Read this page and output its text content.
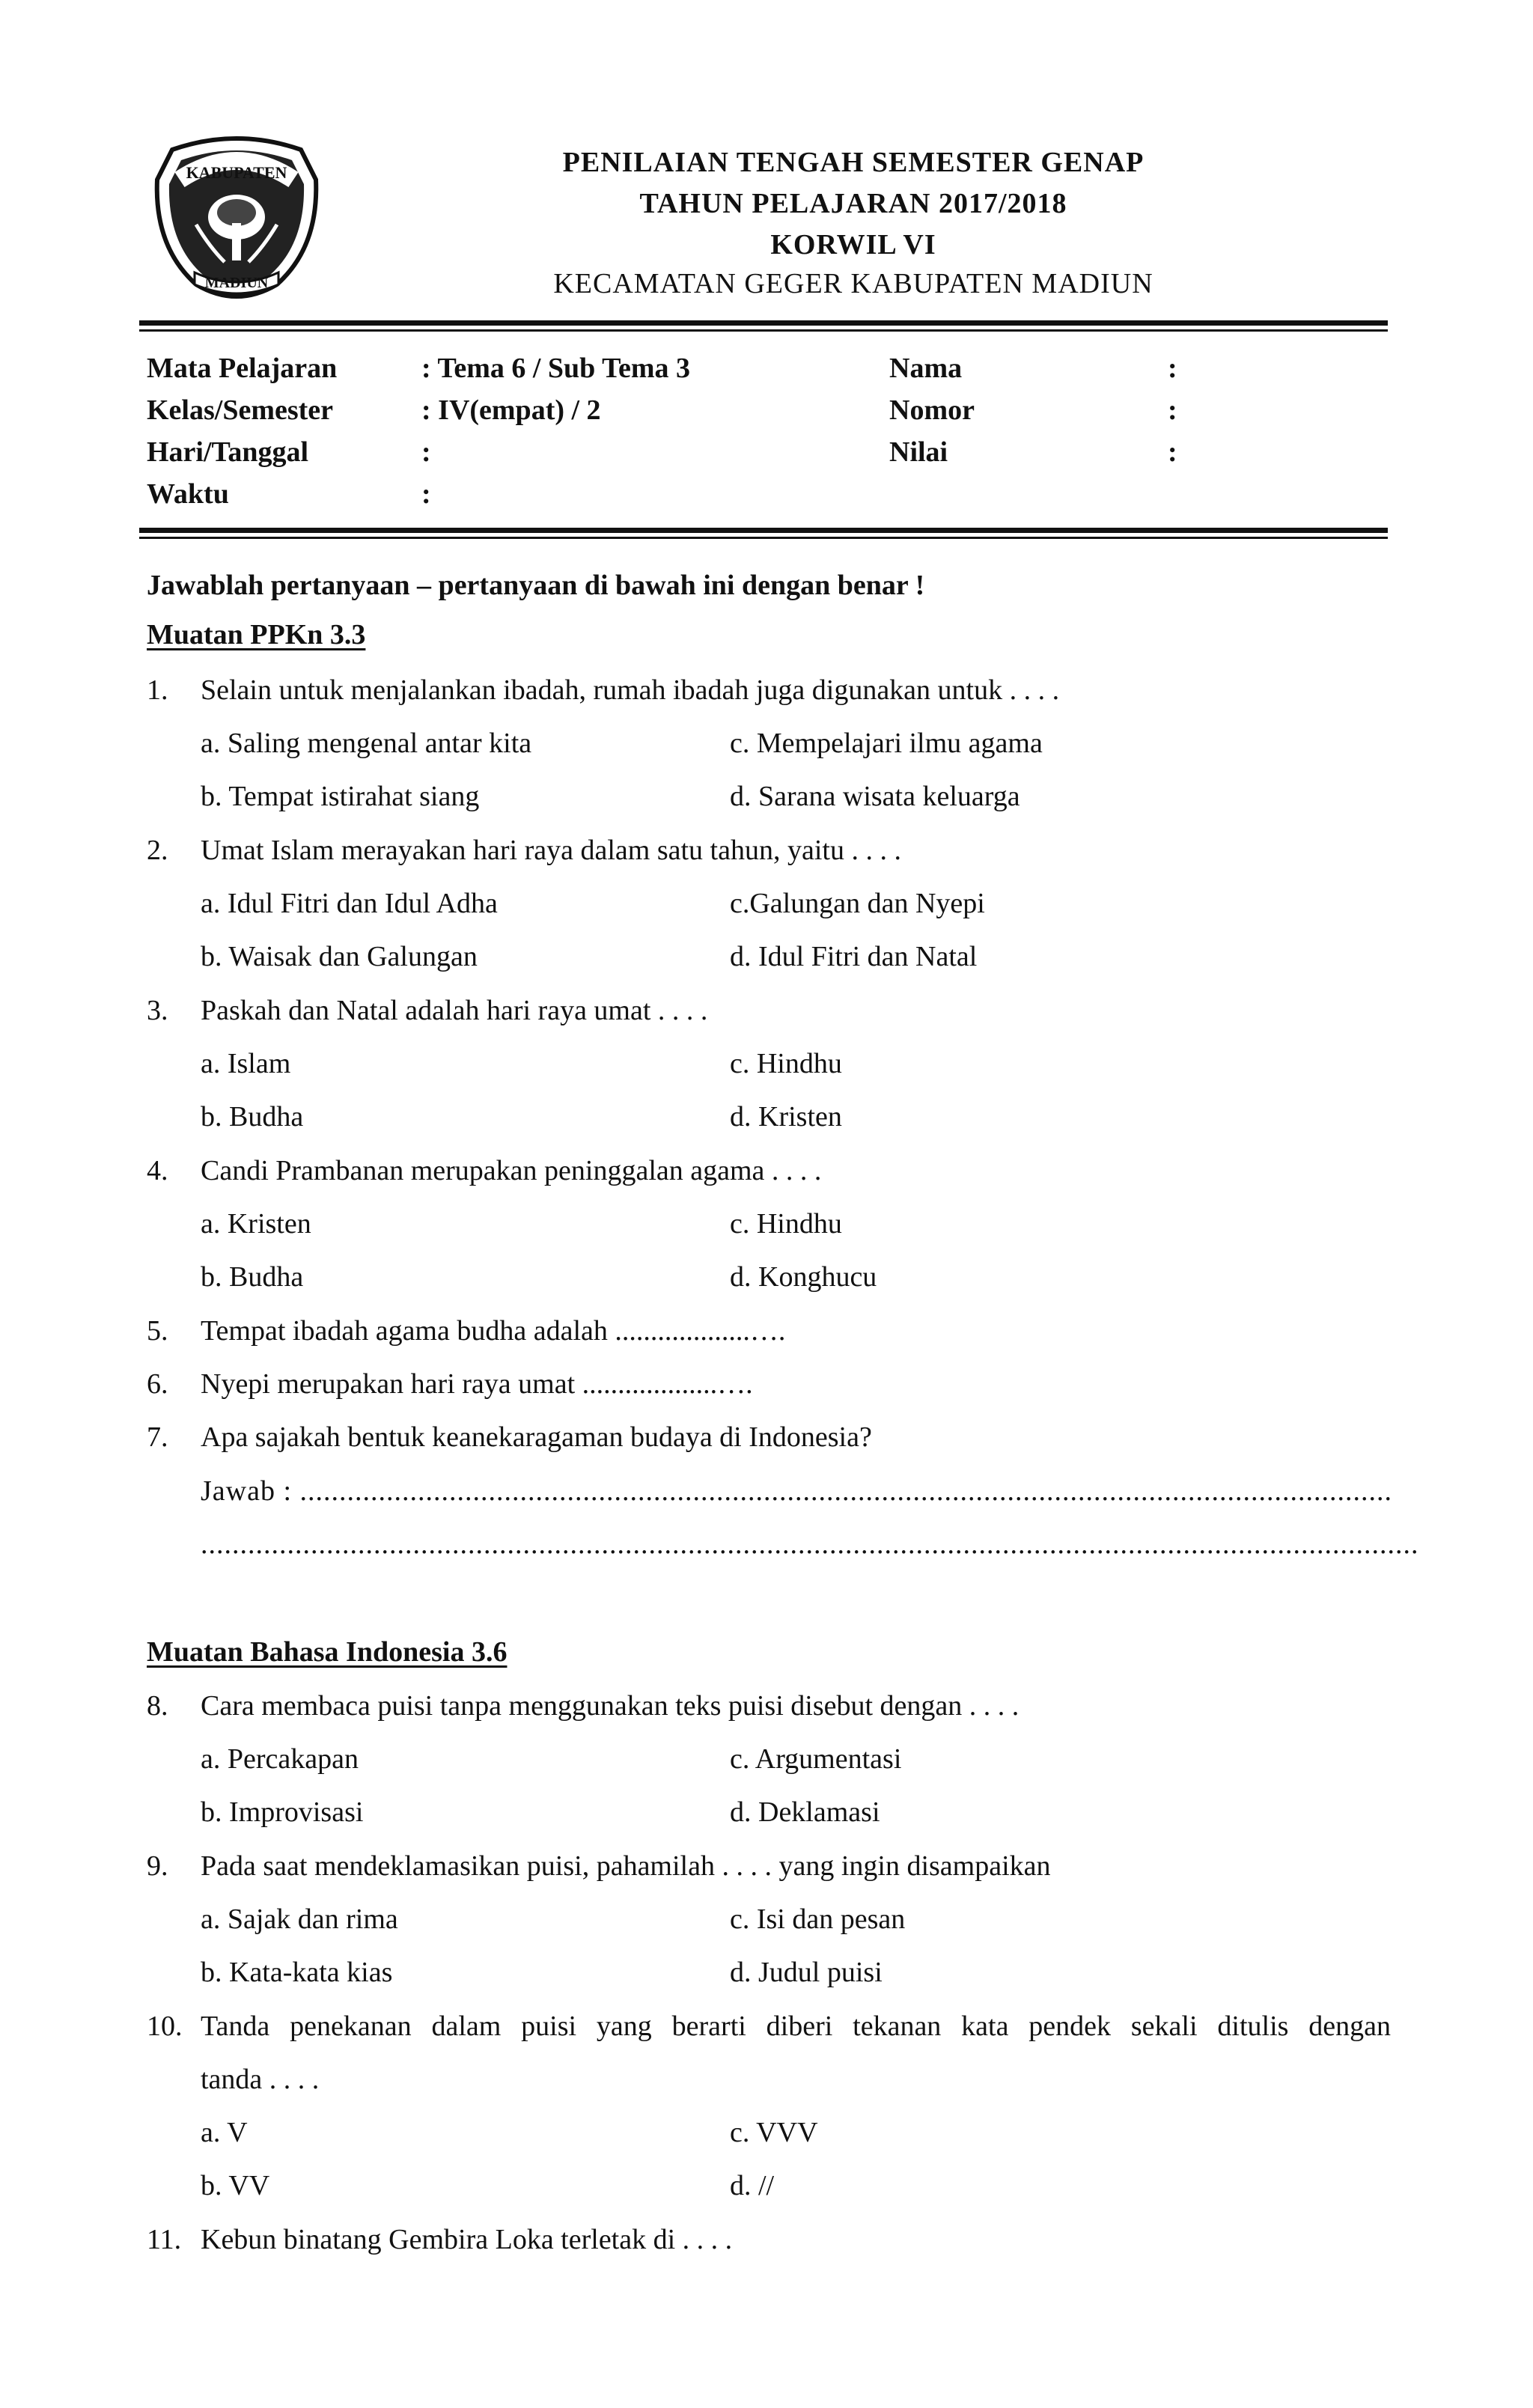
KABUPATEN
MADIUN
PENILAIAN TENGAH SEMESTER GENAP
TAHUN PELAJARAN 2017/2018
KORWIL VI
KECAMATAN GEGER KABUPATEN MADIUN
Mata Pelajaran	: Tema 6 / Sub Tema 3
Kelas/Semester	: IV(empat) / 2
Hari/Tanggal	:
Waktu	:
Nama	:
Nomor	:
Nilai	:
Jawablah pertanyaan – pertanyaan di bawah ini dengan benar !
Muatan PPKn 3.3
1. Selain untuk menjalankan ibadah, rumah ibadah juga digunakan untuk . . . .
a. Saling mengenal antar kita	c. Mempelajari ilmu agama
b. Tempat istirahat siang	d. Sarana wisata keluarga
2. Umat Islam merayakan hari raya dalam satu tahun, yaitu . . . .
a. Idul Fitri dan Idul Adha	c.Galungan dan Nyepi
b. Waisak dan Galungan	d. Idul Fitri dan Natal
3. Paskah dan Natal adalah hari raya umat . . . .
a. Islam	c. Hindhu
b. Budha	d. Kristen
4. Candi Prambanan merupakan peninggalan agama . . . .
a. Kristen	c. Hindhu
b. Budha	d. Konghucu
5. Tempat ibadah agama budha adalah ...................….
6. Nyepi merupakan hari raya umat ...................….
7. Apa sajakah bentuk keanekaragaman budaya di Indonesia?
Jawab : ...........................................................................................................................................
...........................................................................................................................................................
Muatan Bahasa Indonesia 3.6
8. Cara membaca puisi tanpa menggunakan teks puisi disebut dengan . . . .
a. Percakapan	c. Argumentasi
b. Improvisasi	d. Deklamasi
9. Pada saat mendeklamasikan puisi, pahamilah . . . . yang ingin disampaikan
a. Sajak dan rima	c. Isi dan pesan
b. Kata-kata kias	d. Judul puisi
10. Tanda penekanan dalam puisi yang berarti diberi tekanan kata pendek sekali ditulis dengan
tanda . . . .
a. V	c. VVV
b. VV	d. //
11. Kebun binatang Gembira Loka terletak di . . . .
